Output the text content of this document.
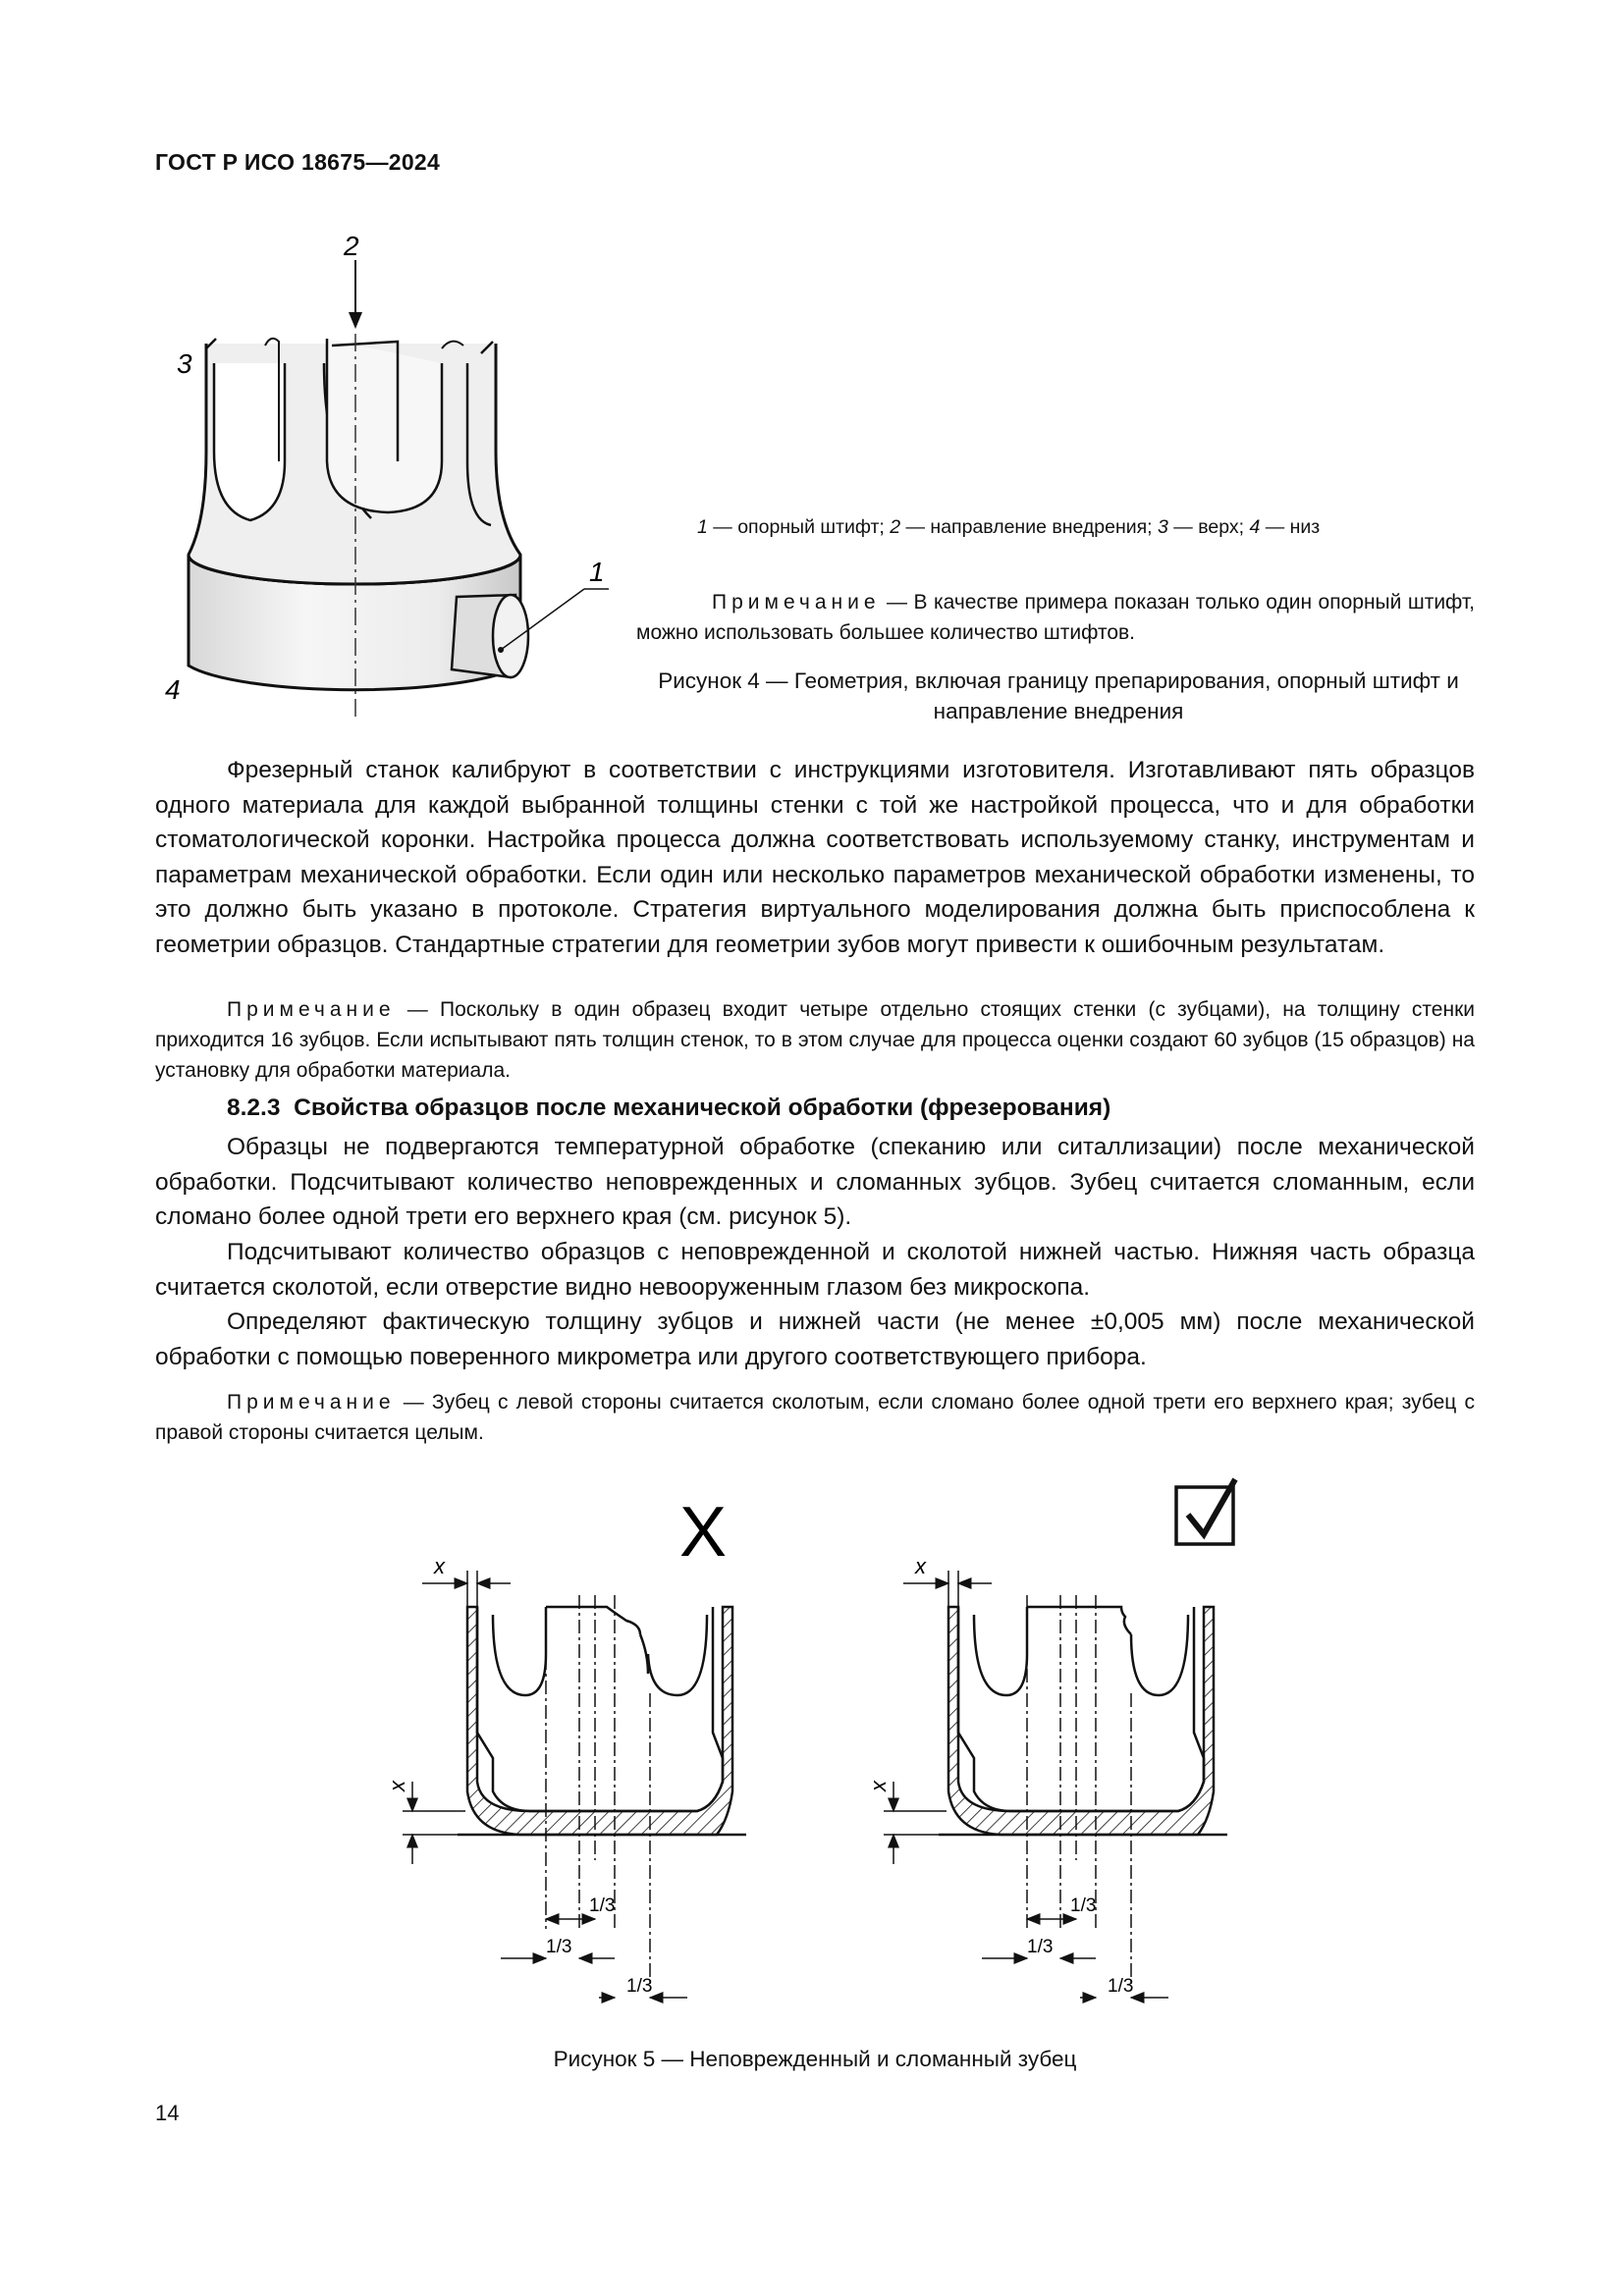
ГОСТ Р ИСО 18675—2024
2
3
1
4
1 — опорный штифт; 2 — направление внедрения; 3 — верх; 4 — низ
Примечание — В качестве примера показан только один опорный штифт, можно использовать большее количество штифтов.
Рисунок 4 — Геометрия, включая границу препарирования, опорный штифт и направление внедрения
Фрезерный станок калибруют в соответствии с инструкциями изготовителя. Изготавливают пять образцов одного материала для каждой выбранной толщины стенки с той же настройкой процесса, что и для обработки стоматологической коронки. Настройка процесса должна соответствовать используемому станку, инструментам и параметрам механической обработки. Если один или несколько параметров механической обработки изменены, то это должно быть указано в протоколе. Стратегия виртуального моделирования должна быть приспособлена к геометрии образцов. Стандартные стратегии для геометрии зубов могут привести к ошибочным результатам.
Примечание — Поскольку в один образец входит четыре отдельно стоящих стенки (с зубцами), на толщину стенки приходится 16 зубцов. Если испытывают пять толщин стенок, то в этом случае для процесса оценки создают 60 зубцов (15 образцов) на установку для обработки материала.
8.2.3 Свойства образцов после механической обработки (фрезерования)
Образцы не подвергаются температурной обработке (спеканию или ситаллизации) после механической обработки. Подсчитывают количество неповрежденных и сломанных зубцов. Зубец считается сломанным, если сломано более одной трети его верхнего края (см. рисунок 5).
Подсчитывают количество образцов с неповрежденной и сколотой нижней частью. Нижняя часть образца считается сколотой, если отверстие видно невооруженным глазом без микроскопа.
Определяют фактическую толщину зубцов и нижней части (не менее ±0,005 мм) после механической обработки с помощью поверенного микрометра или другого соответствующего прибора.
Примечание — Зубец с левой стороны считается сколотым, если сломано более одной трети его верхнего края; зубец с правой стороны считается целым.
X
x
x
1/3
1/3
1/3
x
x
1/3
1/3
1/3
Рисунок 5 — Неповрежденный и сломанный зубец
14
